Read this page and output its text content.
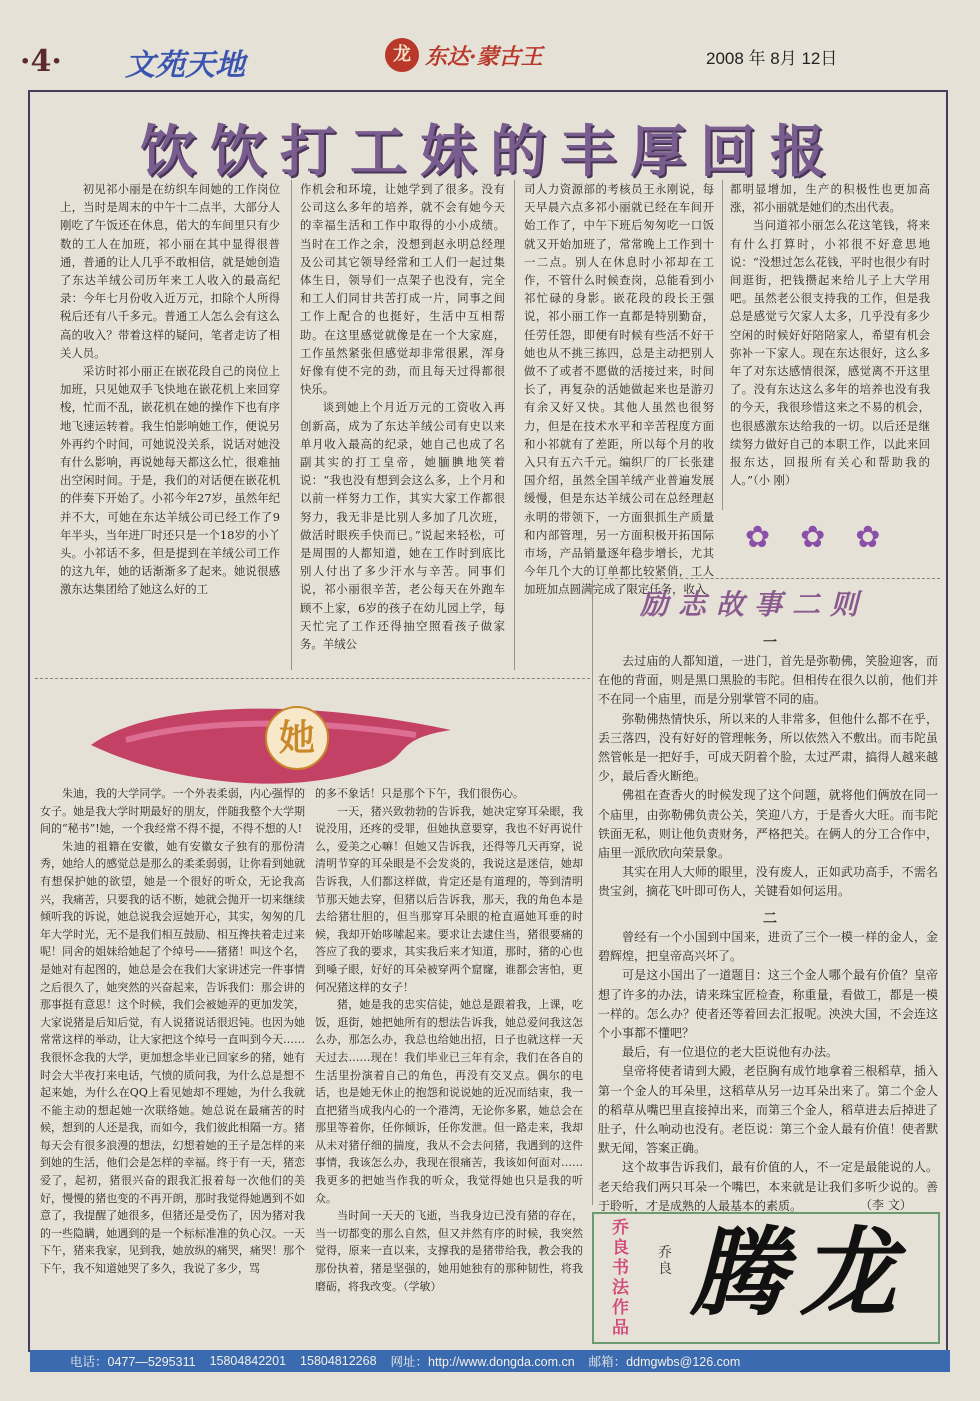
·4· 文苑天地	龙 东达·蒙古王	2008 年 8月 12日
饮饮打工妹的丰厚回报

初见祁小丽是在纺织车间她的工作岗位上，当时是周末的中午十二点半，大部分人刚吃了午饭还在休息，偌大的车间里只有少数的工人在加班，祁小丽在其中显得很普通，普通的让人几乎不敢相信，就是她创造了东达羊绒公司历年来工人收入的最高纪录：今年七月份收入近万元，扣除个人所得税后还有八千多元。普通工人怎么会有这么高的收入？带着这样的疑问，笔者走访了相关人员。

采访时祁小丽正在嵌花段自己的岗位上加班，只见她双手飞快地在嵌花机上来回穿梭，忙而不乱，嵌花机在她的操作下也有序地飞速运转着。我生怕影响她工作，便说另外再约个时间，可她说没关系，说话对她没有什么影响，再说她每天都这么忙，很难抽出空闲时间。于是，我们的对话便在嵌花机的伴奏下开始了。小祁今年27岁，虽然年纪并不大，可她在东达羊绒公司已经工作了9年半头，当年进厂时还只是一个18岁的小丫头。小祁话不多，但是提到在羊绒公司工作的这九年，她的话渐渐多了起来。她说很感激东达集团给了她这么好的工

作机会和环境，让她学到了很多。没有公司这么多年的培养，就不会有她今天的幸福生活和工作中取得的小小成绩。当时在工作之余，没想到赵永明总经理及公司其它领导经常和工人们一起过集体生日，领导们一点架子也没有，完全和工人们同甘共苦打成一片，同事之间工作上配合的也挺好，生活中互相帮助。在这里感觉就像是在一个大家庭，工作虽然紧张但感觉却非常很累，浑身好像有使不完的劲，而且每天过得都很快乐。

谈到她上个月近万元的工资收入再创新高，成为了东达羊绒公司有史以来单月收入最高的纪录，她自己也成了名副其实的打工皇帝，她腼腆地笑着说：“我也没有想到会这么多，上个月和以前一样努力工作，其实大家工作都很努力，我无非是比别人多加了几次班，做活时眼疾手快而已。”说起来轻松，可是周围的人都知道，她在工作时到底比别人付出了多少汗水与辛苦。同事们说，祁小丽很辛苦，老公每天在外跑车顾不上家，6岁的孩子在幼儿园上学，每天忙完了工作还得抽空照看孩子做家务。羊绒公

司人力资源部的考核员王永刚说，每天早晨六点多祁小丽就已经在车间开始工作了，中午下班后匆匆吃一口饭就又开始加班了，常常晚上工作到十一二点。别人在休息时小祁却在工作，不管什么时候查岗，总能看到小祁忙碌的身影。嵌花段的段长王强说，祁小丽工作一直都是特别勤奋，任劳任怨，即便有时候有些活不好干她也从不挑三拣四，总是主动把别人做不了或者不愿做的活接过来，时间长了，再复杂的活她做起来也是游刃有余又好又快。其他人虽然也很努力，但是在技术水平和辛苦程度方面和小祁就有了差距，所以每个月的收入只有五六千元。编织厂的厂长张建国介绍，虽然全国羊绒产业普遍发展缓慢，但是东达羊绒公司在总经理赵永明的带领下，一方面狠抓生产质量和内部管理，另一方面积极开拓国际市场，产品销量逐年稳步增长，尤其今年几个大的订单都比较紧俏，工人加班加点圆满完成了限定任务，收入

都明显增加，生产的积极性也更加高涨，祁小丽就是她们的杰出代表。

当问道祁小丽怎么花这笔钱，将来有什么打算时，小祁很不好意思地说：“没想过怎么花钱，平时也很少有时间逛街，把钱攒起来给儿子上大学用吧。虽然老公很支持我的工作，但是我总是感觉亏欠家人太多，几乎没有多少空闲的时候好好陪陪家人，希望有机会弥补一下家人。现在东达很好，这么多年了对东达感情很深，感觉离不开这里了。没有东达这么多年的培养也没有我的今天，我很珍惜这来之不易的机会，也很感激东达给我的一切。以后还是继续努力做好自己的本职工作，以此来回报东达，回报所有关心和帮助我的人。”（小 刚）

✿ ✿ ✿
励志故事二则
她

朱迪，我的大学同学。一个外表柔弱，内心强悍的女子。她是我大学时期最好的朋友，伴随我整个大学期间的“秘书”!她，一个我经常不得不提，不得不想的人!

朱迪的祖籍在安徽，她有安徽女子独有的那份清秀，她给人的感觉总是那么的柔柔弱弱，让你看到她就有想保护她的欲望，她是一个很好的听众，无论我高兴，我痛苦，只要我的话不断，她就会抛开一切来继续倾听我的诉说，她总说我会逗她开心，其实，匆匆的几年大学时光，无不是我们相互鼓励、相互搀扶着走过来呢！同舍的姐妹给她起了个绰号——猪猪！叫这个名，是她对有起图的，她总是会在我们大家讲述完一件事情之后很久了，她突然的兴奋起来，告诉我们：那会讲的那事挺有意思！这个时候，我们会被她弄的更加发笑，大家说猪是后知后觉，有人说猪说话很迟钝。也因为她常常这样的举动，让大家把这个绰号一直叫到今天……我很怀念我的大学，更加想念毕业已回家乡的猪，她有时会大半夜打来电话，气愤的质问我，为什么总是想不起来她，为什么在QQ上看见她却不理她，为什么我就不能主动的想起她一次联络她。她总说在最痛苦的时候，想到的人还是我，而如今，我们彼此相隔一方。猪每天会有很多浪漫的想法，幻想着她的王子是怎样的来到她的生活，他们会是怎样的幸福。终于有一天，猪恋爱了，起初，猪很兴奋的跟我汇报着每一次他们的美好，慢慢的猪也变的不再开朗，那时我觉得她遇到不如意了，我提醒了她很多，但猪还是受伤了，因为猪对我的一些隐瞒，她遇到的是一个标标准准的负心汉。一天下午，猪来我家，见到我，她放纵的痛哭，痛哭！那个下午，我不知道她哭了多久，我说了多少，骂

的多不象话！只是那个下午，我们很伤心。

一天，猪兴致勃勃的告诉我，她决定穿耳朵眼，我说没用，还疼的受罪，但她执意要穿，我也不好再说什么，爱美之心嘛！但她又告诉我，还得等几天再穿，说清明节穿的耳朵眼是不会发炎的，我说这是迷信，她却告诉我，人们都这样做，肯定还是有道理的，等到清明节那天她去穿，但猪以后告诉我，那天，我的角色本是去给猪壮胆的，但当那穿耳朵眼的枪直逼她耳垂的时候，我却开始哆嗦起来。要求让去逮住当，猪很要痛的答应了我的要求，其实我后来才知道，那时，猪的心也到嗓子眼，好好的耳朵被穿两个窟窿，谁都会害怕，更何况猪这样的女子！

猪，她是我的忠实信徒，她总是跟着我，上课，吃饭，逛街，她把她所有的想法告诉我，她总爱问我这怎么办，那怎么办，我总也给她出招，日子也就这样一天天过去……现在！我们毕业已三年有余，我们在各自的生活里扮演着自己的角色，再没有交叉点。偶尔的电话，也是她无休止的抱怨和说说她的近况而结束，我一直把猪当成我内心的一个港湾，无论你多累，她总会在那里等着你，任你倾诉，任你发泄。但一路走来，我却从未对猪仔细的揣度，我从不会去问猪，我遇到的这件事情，我该怎么办，我现在很痛苦，我该如何面对……我更多的把她当作我的听众，我觉得她也只是我的听众。

当时间一天天的飞逝，当我身边已没有猪的存在，当一切都变的那么自然，但又并然有序的时候，我突然觉得，原来一直以来，支撑我的是猪带给我，教会我的那份执着，猪是坚强的，她用她独有的那种韧性，将我磨砺，将我改变。（学敏）

一

去过庙的人都知道，一进门，首先是弥勒佛，笑脸迎客，而在他的背面，则是黑口黑脸的韦陀。但相传在很久以前，他们并不在同一个庙里，而是分别掌管不同的庙。

弥勒佛热情快乐，所以来的人非常多，但他什么都不在乎，丢三落四，没有好好的管理帐务，所以依然入不敷出。而韦陀虽然管帐是一把好手，可成天阴着个脸，太过严肃，搞得人越来越少，最后香火断绝。

佛祖在查香火的时候发现了这个问题，就将他们俩放在同一个庙里，由弥勒佛负责公关，笑迎八方，于是香火大旺。而韦陀铁面无私，则让他负责财务，严格把关。在俩人的分工合作中，庙里一派欣欣向荣景象。

其实在用人大师的眼里，没有废人，正如武功高手，不需名贵宝剑，摘花飞叶即可伤人，关键看如何运用。

二

曾经有一个小国到中国来，进贡了三个一模一样的金人，金碧辉煌，把皇帝高兴坏了。

可是这小国出了一道题目：这三个金人哪个最有价值？皇帝想了许多的办法，请来珠宝匠检查，称重量，看做工，都是一模一样的。怎么办？使者还等着回去汇报呢。泱泱大国，不会连这个小事都不懂吧？

最后，有一位退位的老大臣说他有办法。

皇帝将使者请到大殿，老臣胸有成竹地拿着三根稻草，插入第一个金人的耳朵里，这稻草从另一边耳朵出来了。第二个金人的稻草从嘴巴里直接掉出来，而第三个金人，稻草进去后掉进了肚子，什么响动也没有。老臣说：第三个金人最有价值！使者默默无闻，答案正确。

这个故事告诉我们，最有价值的人，不一定是最能说的人。老天给我们两只耳朵一个嘴巴，本来就是让我们多听少说的。善于聆听，才是成熟的人最基本的素质。	（李 文）
乔良书法作品
乔良 腾龙
电话：0477—5295311 15804842201 15804812268 网址：http://www.dongda.com.cn 邮箱：ddmgwbs@126.com
